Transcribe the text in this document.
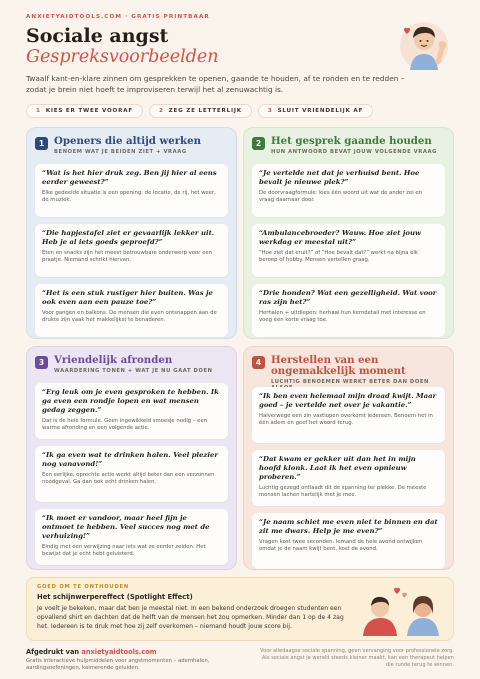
ANXIETYAIDTOOLS.COM · GRATIS PRINTBAAR
Sociale angst
Gespreksvoorbeelden
Twaalf kant-en-klare zinnen om gesprekken te openen, gaande te houden, af te ronden en te redden – zodat je brein niet hoeft te improviseren terwijl het al zenuwachtig is.
1 KIES ER TWEE VOORAF	2 ZEG ZE LETTERLIJK	3 SLUIT VRIENDELIJK AF
1 Openers die altijd werken
BENOEM WAT JE BEIDEN ZIET + VRAAG
“Wat is het hier druk zeg. Ben jij hier al eens eerder geweest?”
Elke gedeelde situatie is een opening: de locatie, de rij, het weer, de muziek.
“Die hapjestafel ziet er gevaarlijk lekker uit. Heb je al iets goeds geproefd?”
Eten en snacks zijn het meest betrouwbare onderwerp voor een praatje. Niemand schrikt hiervan.
“Het is een stuk rustiger hier buiten. Was je ook even aan een pauze toe?”
Voor gangen en balkons. De mensen die even ontsnappen aan de drukte zijn vaak het makkelijkst te benaderen.
2 Het gesprek gaande houden
HUN ANTWOORD BEVAT JOUW VOLGENDE VRAAG
“Je vertelde net dat je verhuisd bent. Hoe bevalt je nieuwe plek?”
De doorvraagformule: kies één woord uit wat de ander zei en vraag daarnaar door.
“Ambulancebroeder? Wauw. Hoe ziet jouw werkdag er meestal uit?”
“Hoe ziet dat eruit?” of “Hoe bevalt dat?” werkt na bijna elk beroep of hobby. Mensen vertellen graag.
“Drie honden? Wat een gezelligheid. Wat voor ras zijn het?”
Herhalen + uitdiepen: herhaal hun kerndetail met interesse en voeg één korte vraag toe.
3 Vriendelijk afronden
WAARDERING TONEN + WAT JE NU GAAT DOEN
“Erg leuk om je even gesproken te hebben. Ik ga even een rondje lopen en wat mensen gedag zeggen.”
Dat is de hele formule. Geen ingewikkeld smoesje nodig – een warme afronding en een volgende actie.
“Ik ga even wat te drinken halen. Veel plezier nog vanavond!”
Een eerlijke, oprechte actie werkt altijd beter dan een verzonnen noodgeval. Ga dan ook echt drinken halen.
“Ik moet er vandoor, maar heel fijn je ontmoet te hebben. Veel succes nog met de verhuizing!”
Eindig met een verwijzing naar iets wat ze eerder zeiden. Het bewijst dat je echt hebt geluisterd.
4 Herstellen van een ongemakkelijk moment
LUCHTIG BENOEMEN WERKT BETER DAN DOEN
“Ik ben even helemaal mijn draad kwijt. Maar goed – je vertelde net over je vakantie.”
Halverwege een zin vastlopen overkomt iedereen. Benoem het in één adem en geef het woord terug.
“Dat kwam er gekker uit dan het in mijn hoofd klonk. Laat ik het even opnieuw proberen.”
Luchtig gezegd ontlaadt dit de spanning ter plekke. De meeste mensen lachen hartelijk met je mee.
“Je naam schiet me even niet te binnen en dat zit me dwars. Help je me even?”
Vragen kost twee seconden. Iemand de hele avond ontwijken omdat je de naam kwijt bent, kost de avond.
GOED OM TE ONTHOUDEN
Het schijnwerpereffect (Spotlight Effect)
Je voelt je bekeken, maar dat ben je meestal niet. In een bekend onderzoek droegen studenten een opvallend shirt en dachten dat de helft van de mensen het zou opmerken. Minder dan 1 op de 4 zag het. Iedereen is te druk met hoe zij zelf overkomen – niemand houdt jouw score bij.
Afgedrukt van anxietyaidtools.com
Gratis interactieve hulpmiddelen voor angstmomenten – ademhalen, aardingsoefeningen, kalmerende geluiden.
Voor alledaagse sociale spanning, geen vervanging voor professionele zorg. Als sociale angst je wereld steeds kleiner maakt, kan een therapeut helpen die runde terug te winnen.
